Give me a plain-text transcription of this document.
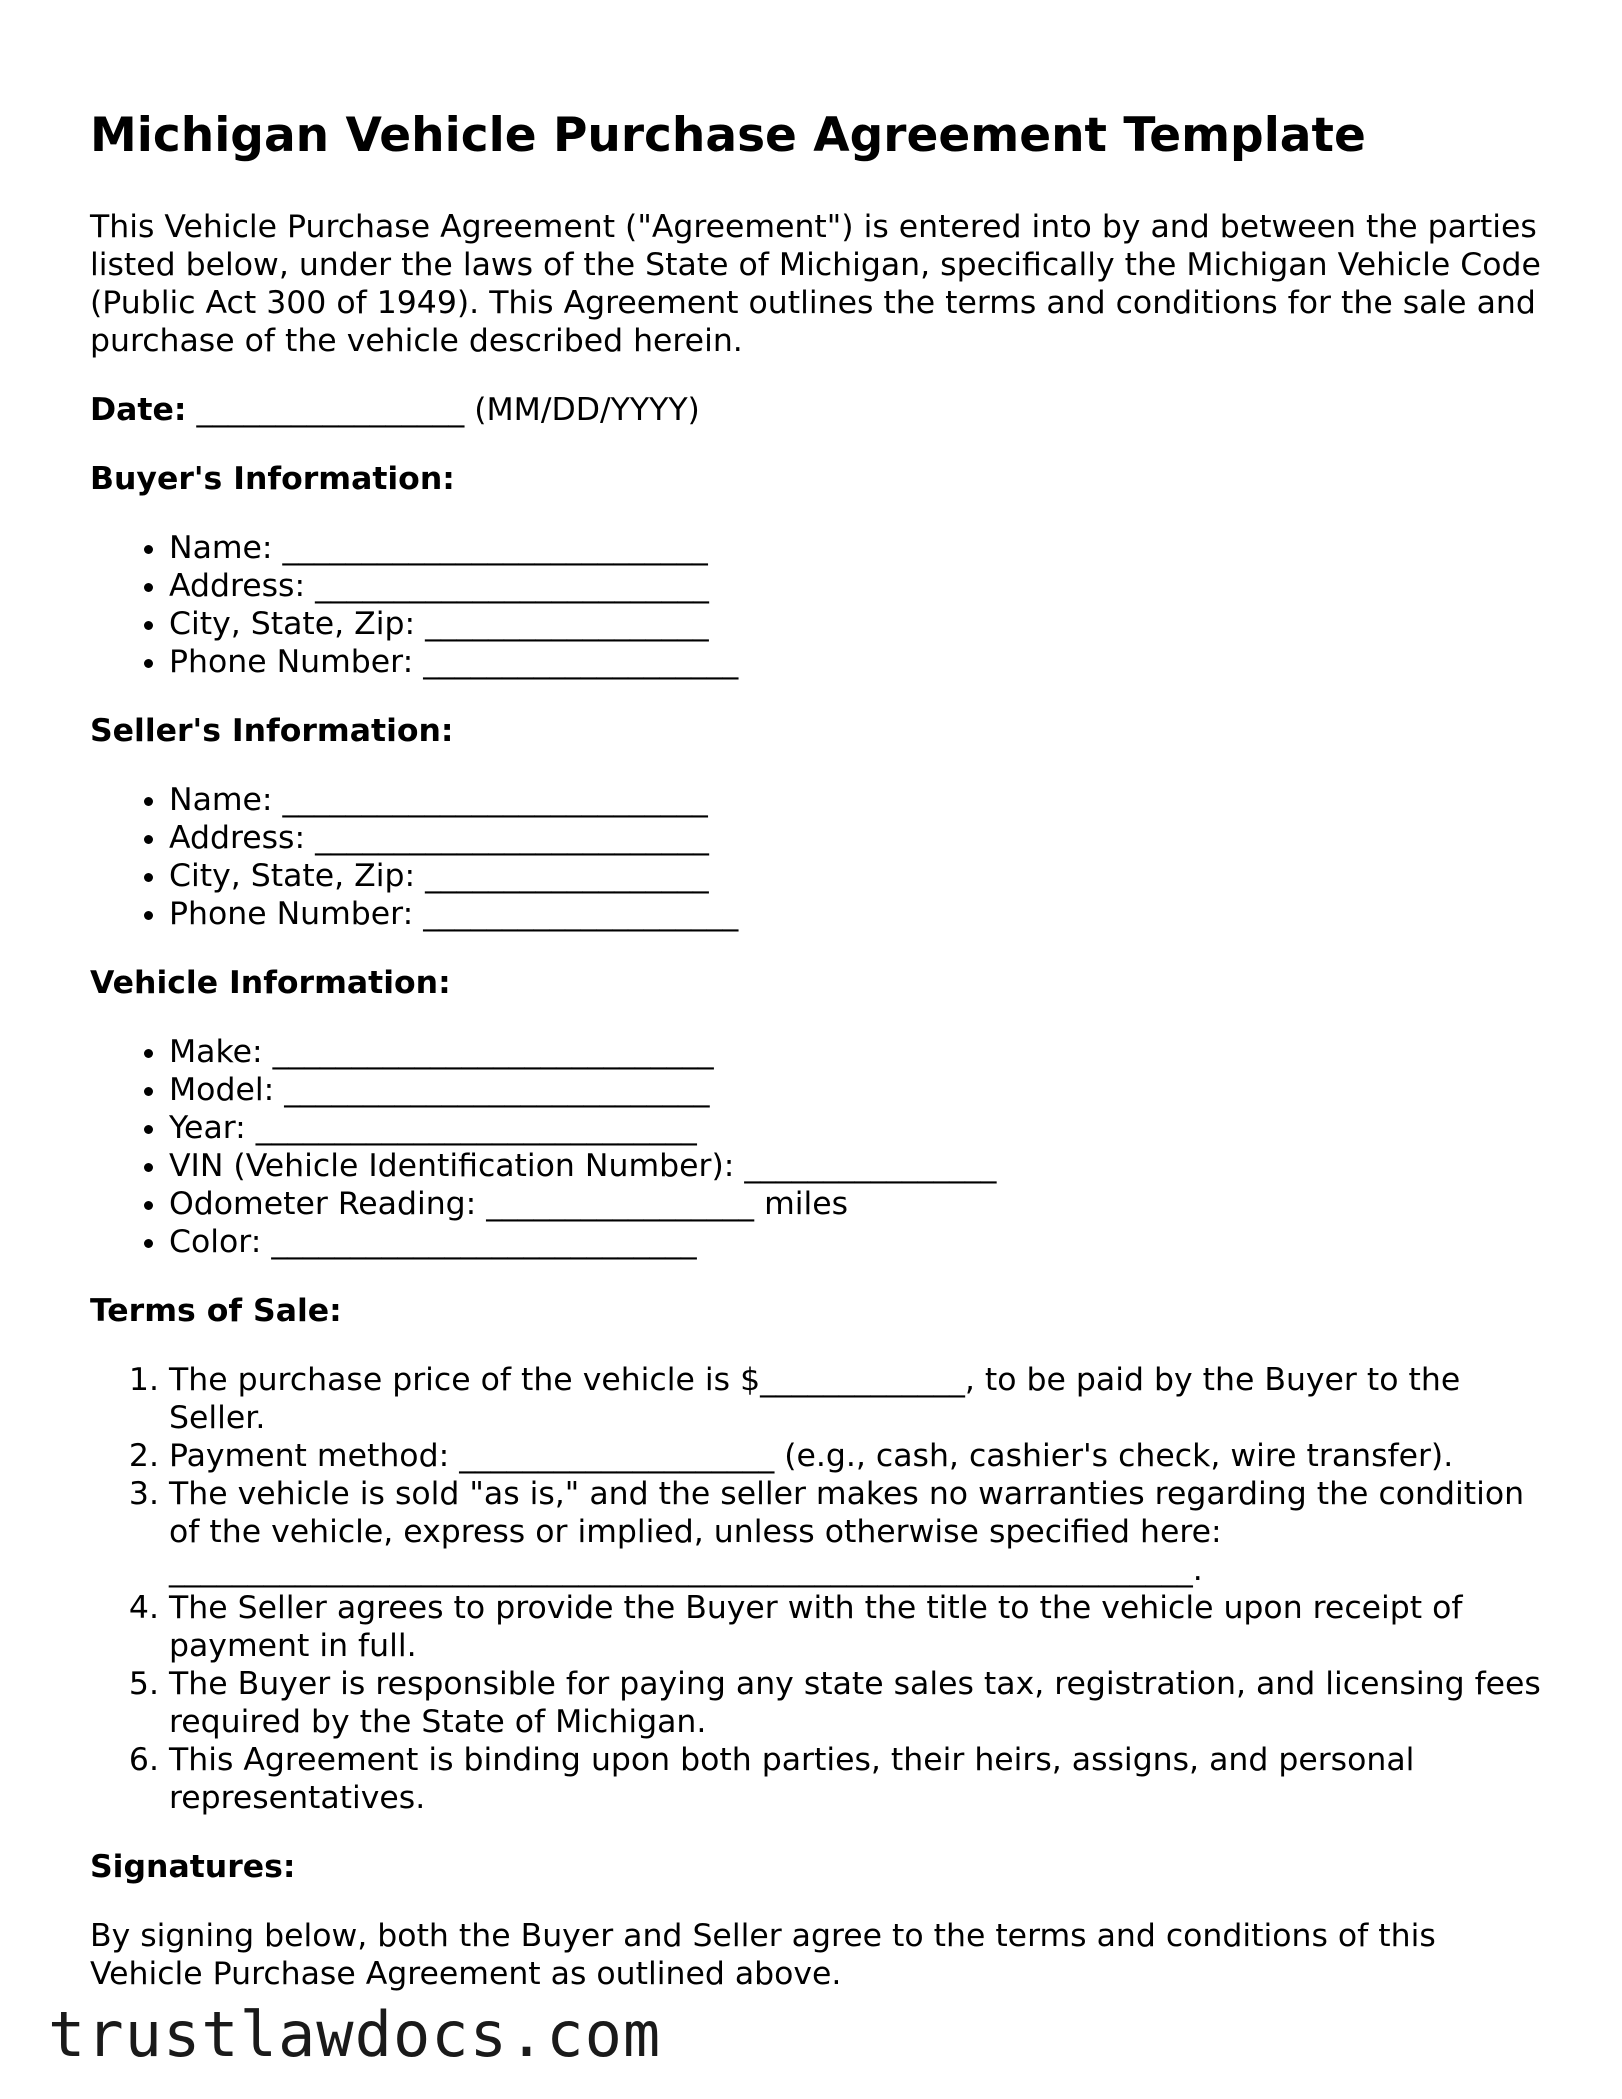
Michigan Vehicle Purchase Agreement Template

This Vehicle Purchase Agreement ("Agreement") is entered into by and between the parties listed below, under the laws of the State of Michigan, specifically the Michigan Vehicle Code (Public Act 300 of 1949). This Agreement outlines the terms and conditions for the sale and purchase of the vehicle described herein.

Date: _________________ (MM/DD/YYYY)

Buyer's Information:
• Name: ___________________________
• Address: _________________________
• City, State, Zip: __________________
• Phone Number: ____________________
Seller's Information:
• Name: ___________________________
• Address: _________________________
• City, State, Zip: __________________
• Phone Number: ____________________
Vehicle Information:
• Make: ____________________________
• Model: ___________________________
• Year: ____________________________
• VIN (Vehicle Identification Number): ________________
• Odometer Reading: _________________ miles
• Color: ___________________________
Terms of Sale:
1. The purchase price of the vehicle is $_____________, to be paid by the Buyer to the Seller.
2. Payment method: ____________________ (e.g., cash, cashier's check, wire transfer).
3. The vehicle is sold "as is," and the seller makes no warranties regarding the condition of the vehicle, express or implied, unless otherwise specified here: _________________________________________________________________.
4. The Seller agrees to provide the Buyer with the title to the vehicle upon receipt of payment in full.
5. The Buyer is responsible for paying any state sales tax, registration, and licensing fees required by the State of Michigan.
6. This Agreement is binding upon both parties, their heirs, assigns, and personal representatives.
Signatures:

By signing below, both the Buyer and Seller agree to the terms and conditions of this Vehicle Purchase Agreement as outlined above.

trustlawdocs.com
